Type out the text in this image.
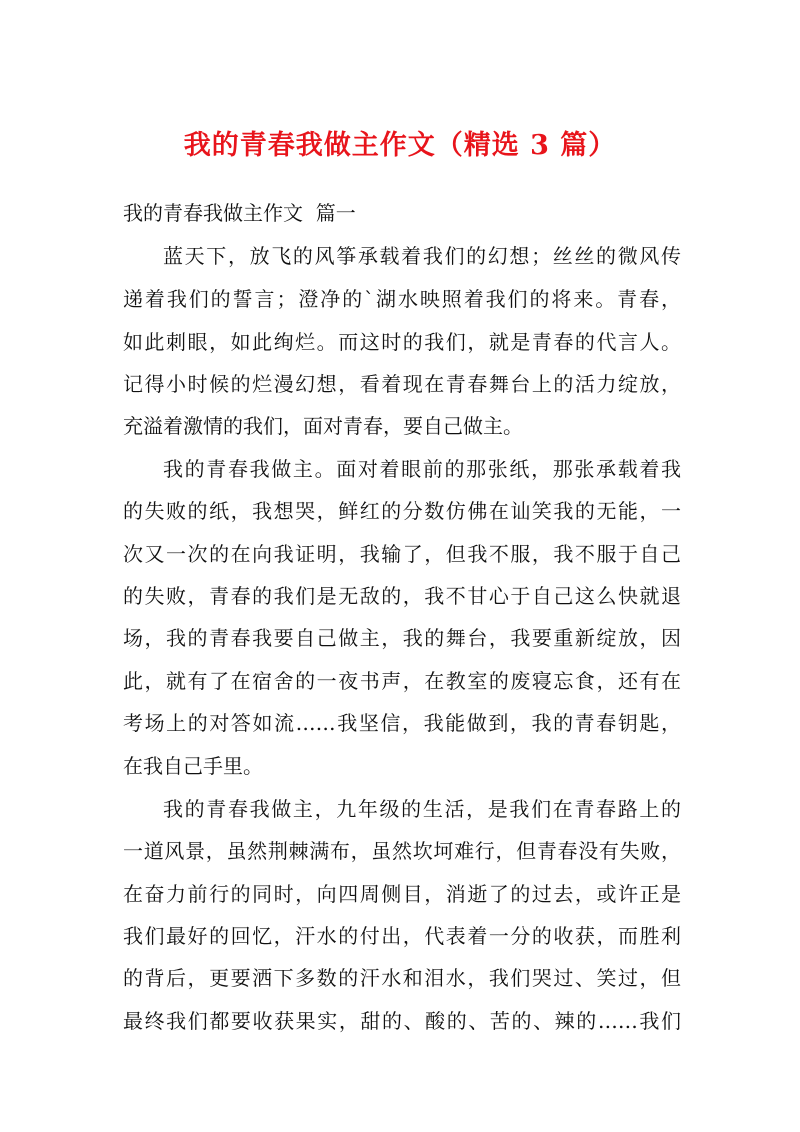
我的青春我做主作文（精选 3 篇）
我的青春我做主作文  篇一
蓝天下，放飞的风筝承载着我们的幻想；丝丝的微风传
递着我们的誓言；澄净的`湖水映照着我们的将来。青春，
如此刺眼，如此绚烂。而这时的我们，就是青春的代言人。
记得小时候的烂漫幻想，看着现在青春舞台上的活力绽放，
充溢着激情的我们，面对青春，要自己做主。
我的青春我做主。面对着眼前的那张纸，那张承载着我
的失败的纸，我想哭，鲜红的分数仿佛在讪笑我的无能，一
次又一次的在向我证明，我输了，但我不服，我不服于自己
的失败，青春的我们是无敌的，我不甘心于自己这么快就退
场，我的青春我要自己做主，我的舞台，我要重新绽放，因
此，就有了在宿舍的一夜书声，在教室的废寝忘食，还有在
考场上的对答如流……我坚信，我能做到，我的青春钥匙，
在我自己手里。
我的青春我做主，九年级的生活，是我们在青春路上的
一道风景，虽然荆棘满布，虽然坎坷难行，但青春没有失败，
在奋力前行的同时，向四周侧目，消逝了的过去，或许正是
我们最好的回忆，汗水的付出，代表着一分的收获，而胜利
的背后，更要洒下多数的汗水和泪水，我们哭过、笑过，但
最终我们都要收获果实，甜的、酸的、苦的、辣的……我们
